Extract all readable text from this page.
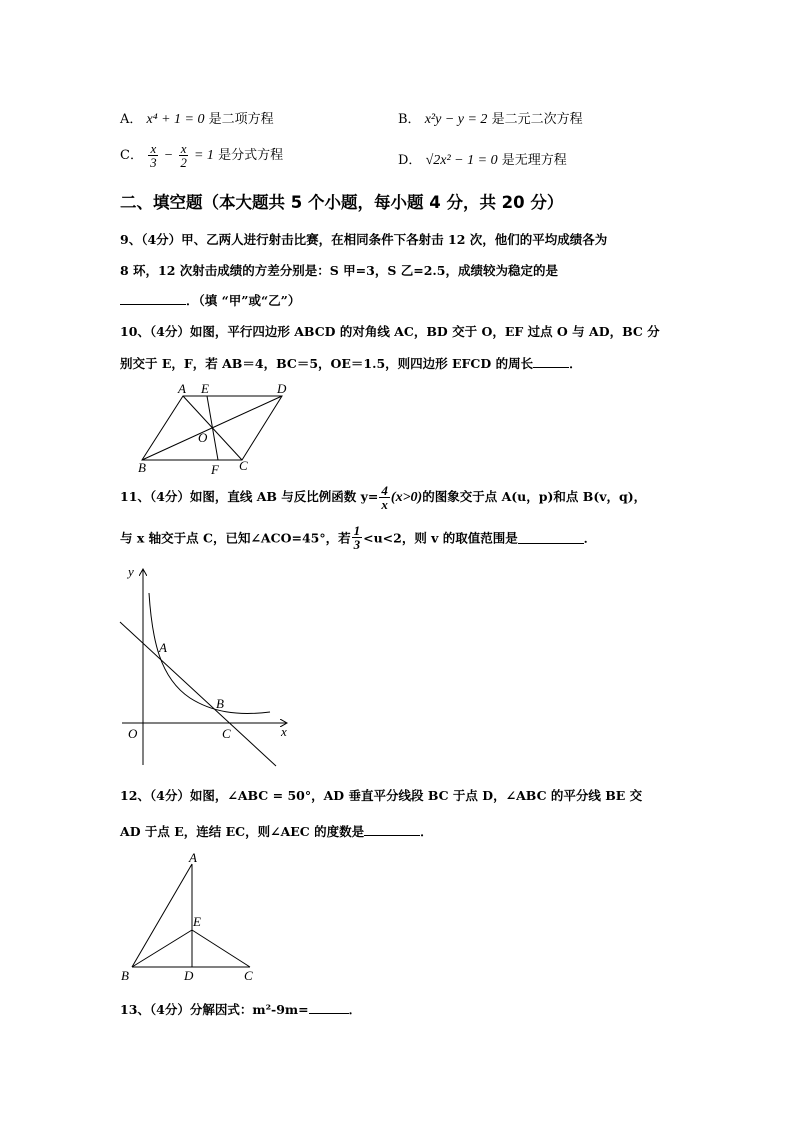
A． x⁴ + 1 = 0 是二项方程	B． x²y − y = 2 是二元二次方程
C． $\frac{x}{3} - \frac{x}{2} = 1$ 是分式方程	D． √2x² − 1 = 0 是无理方程
二、填空题（本大题共 5 个小题，每小题 4 分，共 20 分）
9、（4分）甲、乙两人进行射击比赛，在相同条件下各射击 12 次，他们的平均成绩各为
8 环，12 次射击成绩的方差分别是：S 甲=3，S 乙=2.5，成绩较为稳定的是
．（填 “甲”或“乙”）
10、（4分）如图，平行四边形 ABCD 的对角线 AC，BD 交于 O，EF 过点 O 与 AD，BC 分
别交于 E，F，若 AB＝4，BC＝5，OE＝1.5，则四边形 EFCD 的周长	．
A E	D
O
B	F C
11、（4分）如图，直线 AB 与反比例函数 $y= \frac{4}{x} (x>0)$的图象交于点 A(u，p)和点 B(v，q)，
与 x 轴交于点 C，已知∠ACO=45°，若 $\frac{1}{3} <u<2$，则 v 的取值范围是	．
y
x
O
A
B
C
12、（4分）如图，∠ABC = 50°，AD 垂直平分线段 BC 于点 D，∠ABC 的平分线 BE 交
AD 于点 E，连结 EC，则∠AEC 的度数是	．
A
E
B	D	C
13、（4分）分解因式：m²-9m=	．
